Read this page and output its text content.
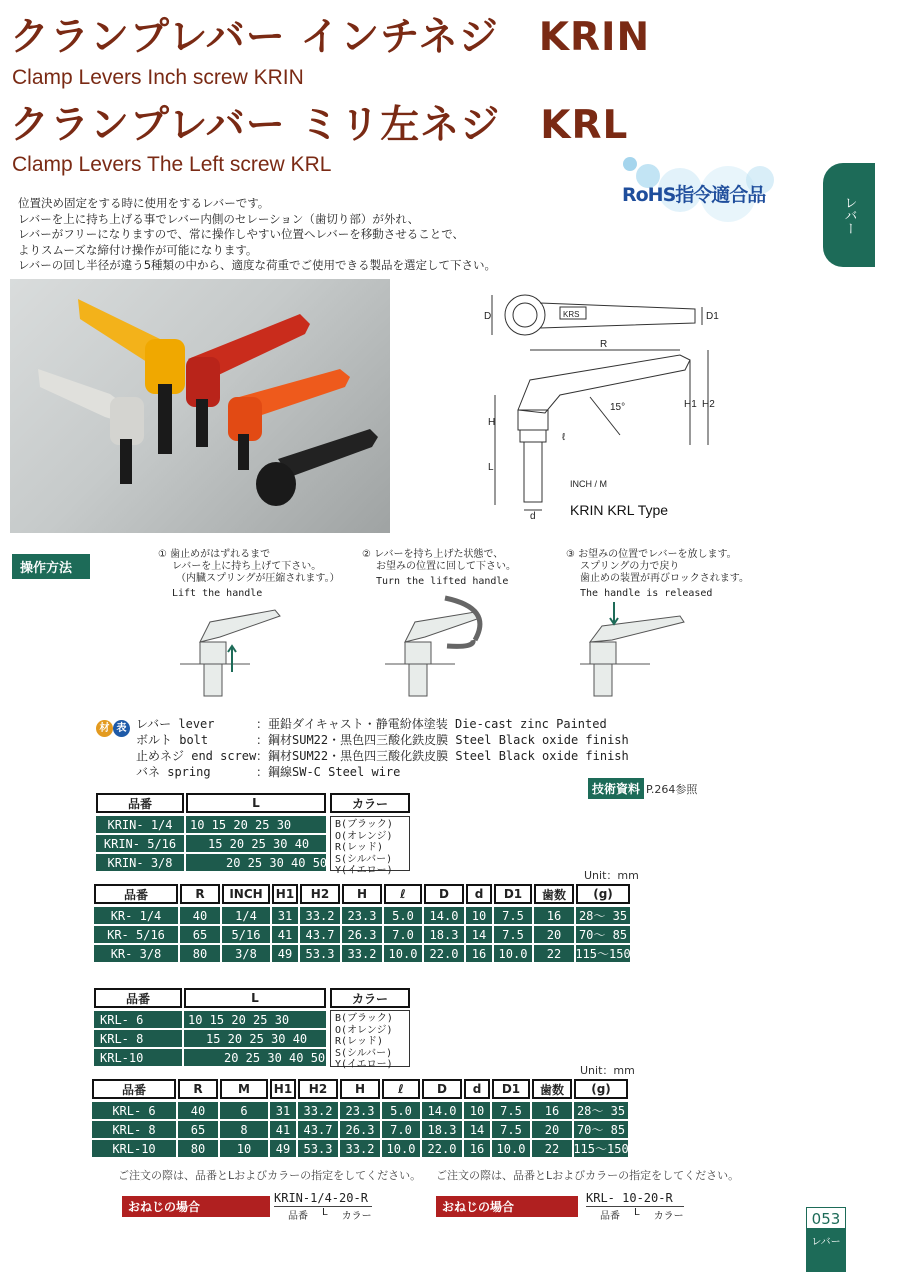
クランプレバー インチネジ　KRIN
Clamp Levers Inch screw KRIN
クランプレバー ミリ左ネジ　KRL
Clamp Levers The Left screw KRL
RoHS指令適合品
レバー
位置決め固定をする時に使用をするレバーです。
レバーを上に持ち上げる事でレバー内側のセレーション（歯切り部）が外れ、
レバーがフリーになりますので、常に操作しやすい位置へレバーを移動させることで、
よりスムーズな締付け操作が可能になります。
レバーの回し半径が違う5種類の中から、適度な荷重でご使用できる製品を選定して下さい。
D	D1
KRS
R
15°
H
H1 H2
L
ℓ
d
INCH / M
KRIN KRL Type
操作方法
① 歯止めがはずれるまで
レバーを上に持ち上げて下さい。
（内臓スプリングが圧縮されます。）
Lift the handle
② レバーを持ち上げた状態で、
お望みの位置に回して下さい。
Turn the lifted handle
③ お望みの位置でレバーを放します。
スプリングの力で戻り
歯止めの装置が再びロックされます。
The handle is released
材 表 レバー lever	：亜鉛ダイキャスト・静電紛体塗装 Die-cast zinc Painted
ボルト bolt	：鋼材SUM22・黒色四三酸化鉄皮膜 Steel Black oxide finish
止めネジ end screw ：鋼材SUM22・黒色四三酸化鉄皮膜 Steel Black oxide finish
バネ spring	：鋼線SW-C Steel wire
技術資料 P.264参照
品番	L	カラー
KRIN- 1/4	10 15 20 25 30
KRIN- 5/16	15 20 25 30 40
KRIN- 3/8	20 25 30 40 50
B(ブラック)
O(オレンジ)
R(レッド)
S(シルバー)
Y(イエロー)	Unit：mm
品番	R	INCH	H1	H2	H	ℓ	D	d	D1	歯数	(g)
KR- 1/4	40	1/4	31	33.2	23.3	5.0	14.0	10	7.5	16	28～ 35
KR- 5/16	65	5/16	41	43.7	26.3	7.0	18.3	14	7.5	20	70～ 85
KR- 3/8	80	3/8	49	53.3	33.2	10.0	22.0	16	10.0	22	115～150
品番	L	カラー
KRL- 6	10 15 20 25 30
KRL- 8	15 20 25 30 40
KRL-10	20 25 30 40 50
B(ブラック)
O(オレンジ)
R(レッド)
S(シルバー)
Y(イエロー)	Unit：mm
品番	R	M	H1	H2	H	ℓ	D	d	D1	歯数	(g)
KRL- 6	40	6	31	33.2	23.3	5.0	14.0	10	7.5	16	28～ 35
KRL- 8	65	8	41	43.7	26.3	7.0	18.3	14	7.5	20	70～ 85
KRL-10	80	10	49	53.3	33.2	10.0	22.0	16	10.0	22	115～150
ご注文の際は、品番とLおよびカラーの指定をしてください。 ご注文の際は、品番とLおよびカラーの指定をしてください。
おねじの場合
KRIN-1/4-20-R
品番 L カラー
おねじの場合
KRL- 10-20-R
品番 L カラー	053
レバー
